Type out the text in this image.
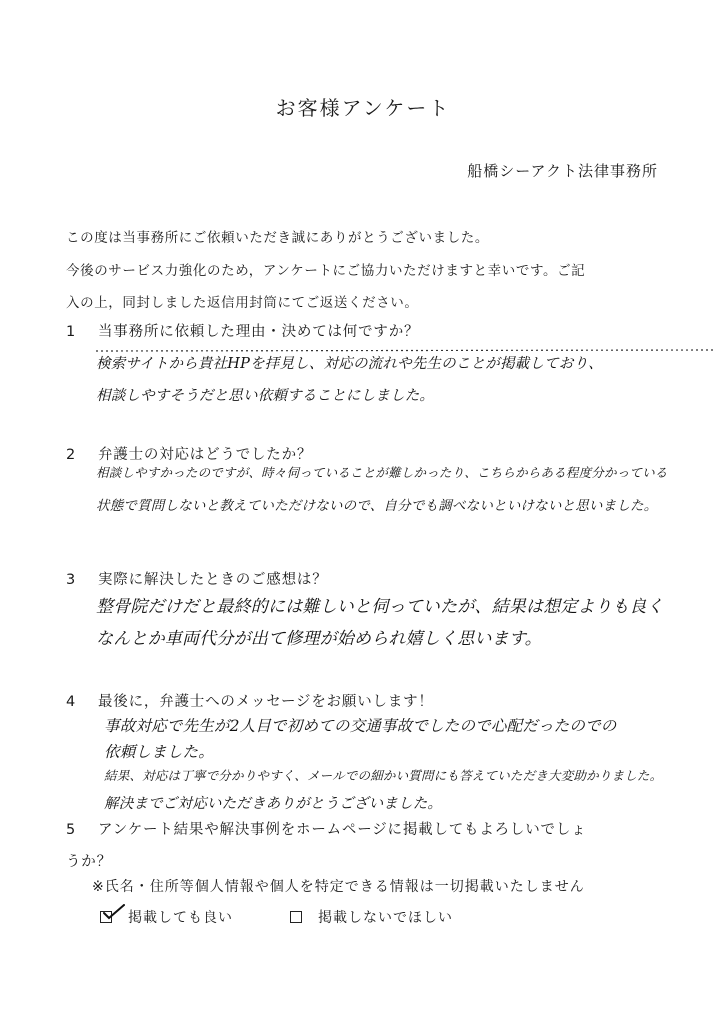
お客様アンケート
船橋シーアクト法律事務所
この度は当事務所にご依頼いただき誠にありがとうございました。
今後のサービス力強化のため，アンケートにご協力いただけますと幸いです。ご記
入の上，同封しました返信用封筒にてご返送ください。
1 当事務所に依頼した理由・決めては何ですか？
検索サイトから貴社HPを拝見し、対応の流れや先生のことが掲載しており、
相談しやすそうだと思い依頼することにしました。
2 弁護士の対応はどうでしたか？
相談しやすかったのですが、時々伺っていることが難しかったり、こちらからある程度分かっている
状態で質問しないと教えていただけないので、自分でも調べないといけないと思いました。
3 実際に解決したときのご感想は？
整骨院だけだと最終的には難しいと伺っていたが、結果は想定よりも良く
なんとか車両代分が出て修理が始められ嬉しく思います。
4 最後に，弁護士へのメッセージをお願いします！
事故対応で先生が2人目で初めての交通事故でしたので心配だったのでの
依頼しました。
結果、対応は丁寧で分かりやすく、メールでの細かい質問にも答えていただき大変助かりました。
解決までご対応いただきありがとうございました。
5 アンケート結果や解決事例をホームページに掲載してもよろしいでしょ
うか？
※氏名・住所等個人情報や個人を特定できる情報は一切掲載いたしません
掲載しても良い	掲載しないでほしい
